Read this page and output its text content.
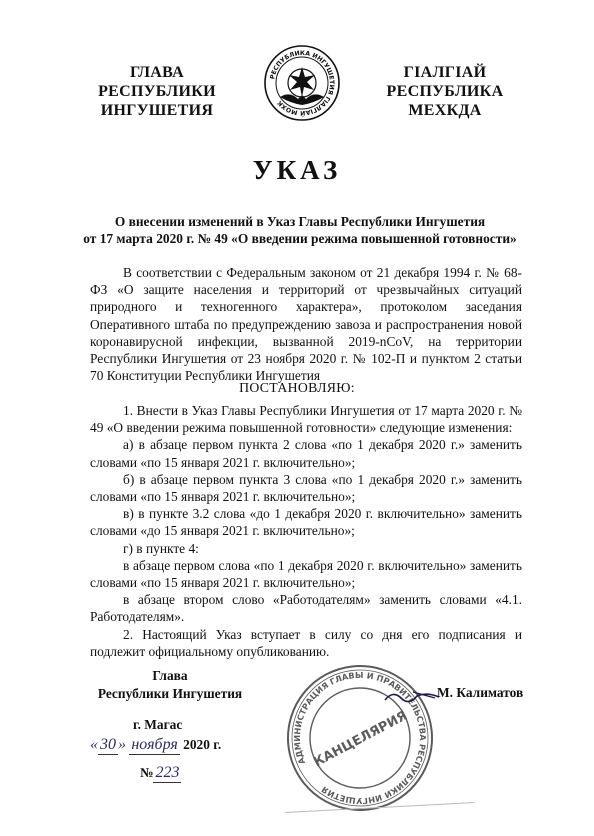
ГЛАВА
РЕСПУБЛИКИ
ИНГУШЕТИЯ
РЕСПУБЛИКА ИНГУШЕТИЯ ГIАЛГIАЙ МОХК
ГIАЛГIАЙ
РЕСПУБЛИКА
МЕХКДА
УКАЗ
О внесении изменений в Указ Главы Республики Ингушетия
от 17 марта 2020 г. № 49 «О введении режима повышенной готовности»
В соответствии с Федеральным законом от 21 декабря 1994 г. № 68-ФЗ «О защите населения и территорий от чрезвычайных ситуаций природного и техногенного характера», протоколом заседания Оперативного штаба по предупреждению завоза и распространения новой коронавирусной инфекции, вызванной 2019-nCoV, на территории Республики Ингушетия от 23 ноября 2020 г. № 102-П и пунктом 2 статьи 70 Конституции Республики Ингушетия
ПОСТАНОВЛЯЮ:

1. Внести в Указ Главы Республики Ингушетия от 17 марта 2020 г. № 49 «О введении режима повышенной готовности» следующие изменения:

а) в абзаце первом пункта 2 слова «по 1 декабря 2020 г.» заменить словами «по 15 января 2021 г. включительно»;

б) в абзаце первом пункта 3 слова «по 1 декабря 2020 г.» заменить словами «по 15 января 2021 г. включительно»;

в) в пункте 3.2 слова «до 1 декабря 2020 г. включительно» заменить словами «до 15 января 2021 г. включительно»;

г) в пункте 4:

в абзаце первом слова «по 1 декабря 2020 г. включительно» заменить словами «по 15 января 2021 г. включительно»;

в абзаце втором слово «Работодателям» заменить словами «4.1. Работодателям».

2. Настоящий Указ вступает в силу со дня его подписания и подлежит официальному опубликованию.

Глава
Республики Ингушетия
АДМИНИСТРАЦИЯ ГЛАВЫ И ПРАВИТЕЛЬСТВА РЕСПУБЛИКИ ИНГУШЕТИЯ
КАНЦЕЛЯРИЯ
М. Калиматов
г. Магас
« 30 » ноября 2020 г.
№ 223
